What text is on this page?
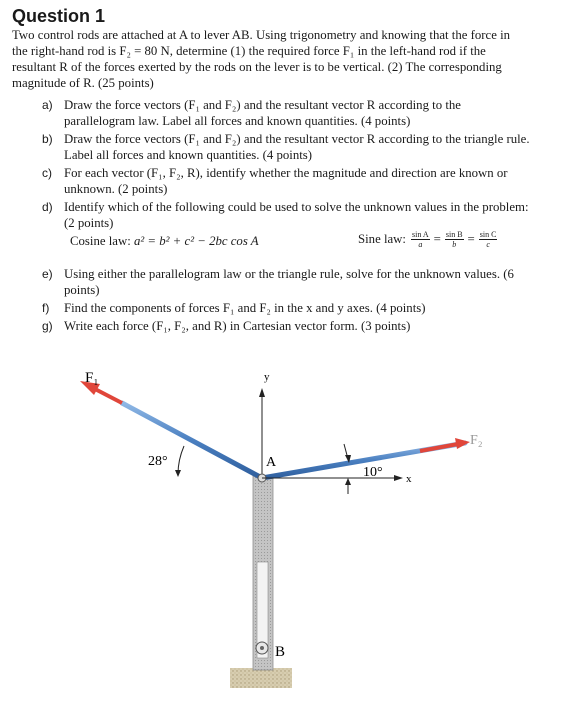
Question 1
Two control rods are attached at A to lever AB. Using trigonometry and knowing that the force in
the right-hand rod is F₂ = 80 N, determine (1) the required force F₁ in the left-hand rod if the
resultant R of the forces exerted by the rods on the lever is to be vertical. (2) The corresponding
magnitude of R. (25 points)
a) Draw the force vectors (F₁ and F₂) and the resultant vector R according to the
parallelogram law. Label all forces and known quantities. (4 points)
b) Draw the force vectors (F₁ and F₂) and the resultant vector R according to the triangle rule.
Label all forces and known quantities. (4 points)
c) For each vector (F₁, F₂, R), identify whether the magnitude and direction are known or
unknown. (2 points)
d) Identify which of the following could be used to solve the unknown values in the problem:
(2 points)
Cosine law: a² = b² + c² − 2bc cos A	Sine law: $\frac{\text{sin A}}{a} = \frac{\text{sin B}}{b} = \frac{\text{sin C}}{c}$
e) Using either the parallelogram law or the triangle rule, solve for the unknown values. (6
points)
f) Find the components of forces F₁ and F₂ in the x and y axes. (4 points)
g) Write each force (F₁, F₂, and R) in Cartesian vector form. (3 points)
y
F₁
F₂
A
B
28°
10° x
